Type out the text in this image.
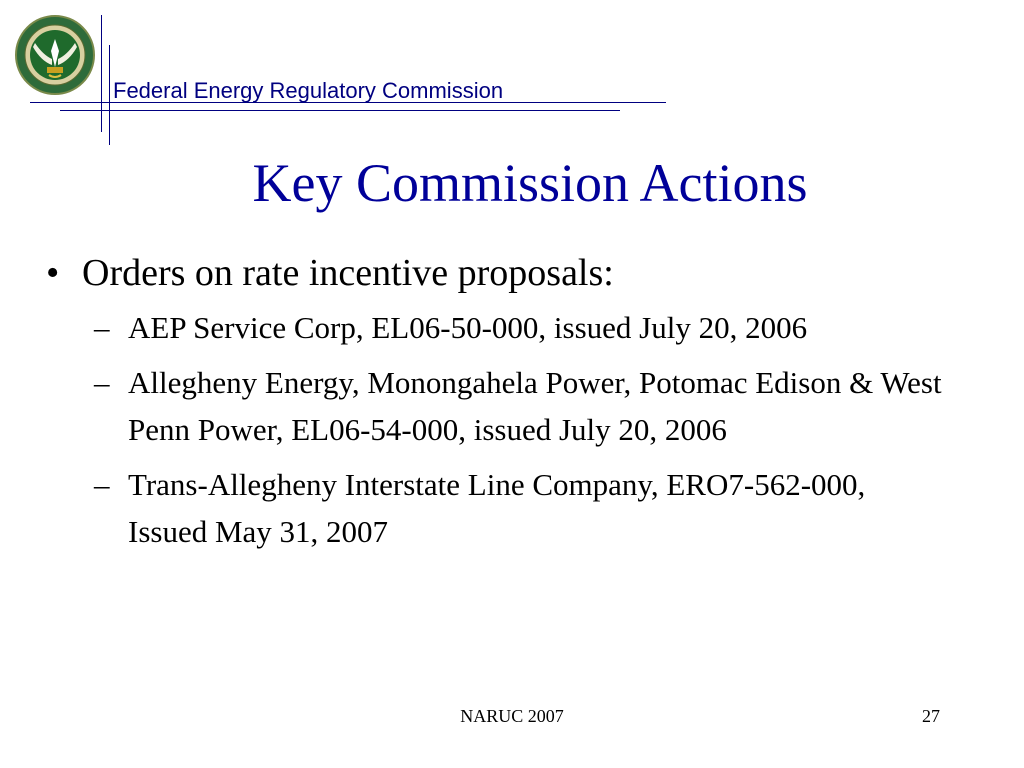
Federal Energy Regulatory Commission
Key Commission Actions
• Orders on rate incentive proposals:
– AEP Service Corp, EL06-50-000, issued July 20, 2006
– Allegheny Energy, Monongahela Power, Potomac Edison & West Penn Power, EL06-54-000, issued July 20, 2006
– Trans-Allegheny Interstate Line Company, ERO7-562-000, Issued May 31, 2007
NARUC 2007	27
